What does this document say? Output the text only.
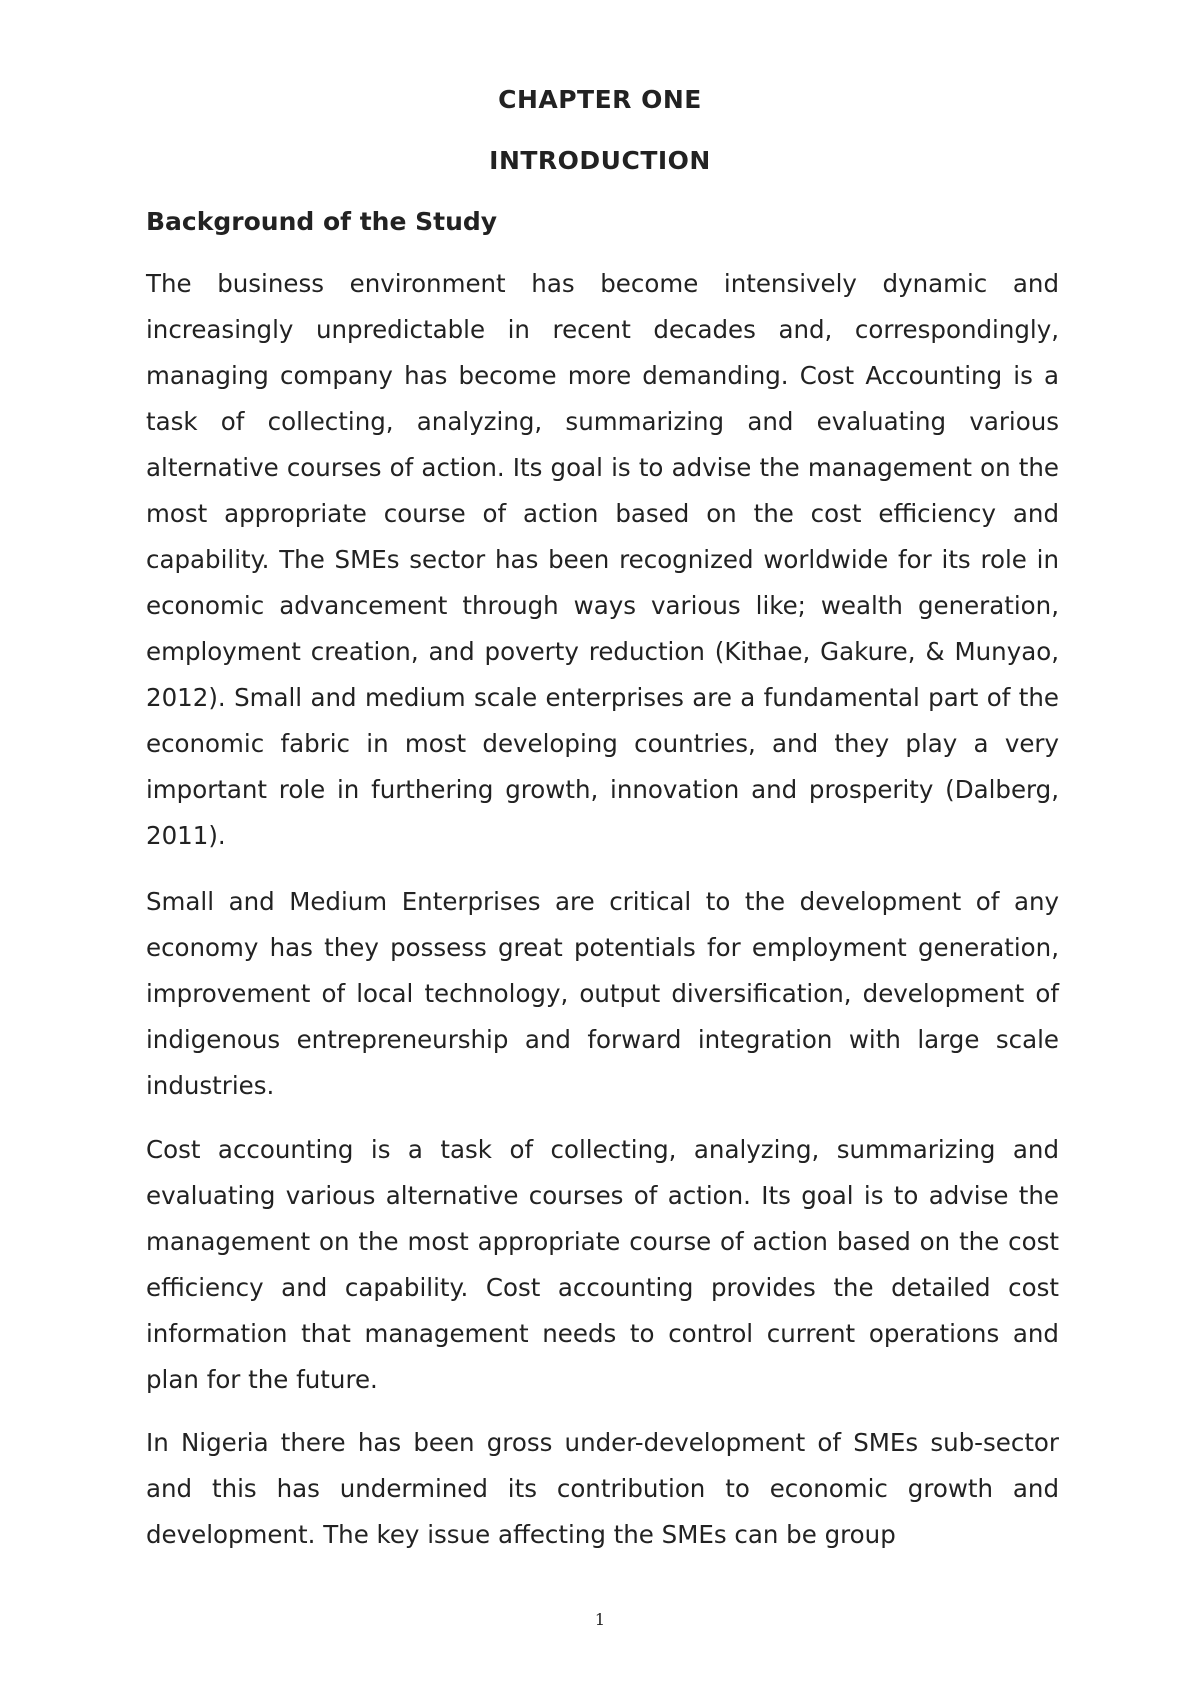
CHAPTER ONE
INTRODUCTION
Background of the Study

The business environment has become intensively dynamic and increasingly unpredictable in recent decades and, correspondingly, managing company has become more demanding. Cost Accounting is a task of collecting, analyzing, summarizing and evaluating various alternative courses of action. Its goal is to advise the management on the most appropriate course of action based on the cost efficiency and capability. The SMEs sector has been recognized worldwide for its role in economic advancement through ways various like; wealth generation, employment creation, and poverty reduction (Kithae, Gakure, & Munyao, 2012). Small and medium scale enterprises are a fundamental part of the economic fabric in most developing countries, and they play a very important role in furthering growth, innovation and prosperity (Dalberg, 2011).

Small and Medium Enterprises are critical to the development of any economy has they possess great potentials for employment generation, improvement of local technology, output diversification, development of indigenous entrepreneurship and forward integration with large scale industries.

Cost accounting is a task of collecting, analyzing, summarizing and evaluating various alternative courses of action. Its goal is to advise the management on the most appropriate course of action based on the cost efficiency and capability. Cost accounting provides the detailed cost information that management needs to control current operations and plan for the future.

In Nigeria there has been gross under-development of SMEs sub-sector and this has undermined its contribution to economic growth and development. The key issue affecting the SMEs can be group

1
